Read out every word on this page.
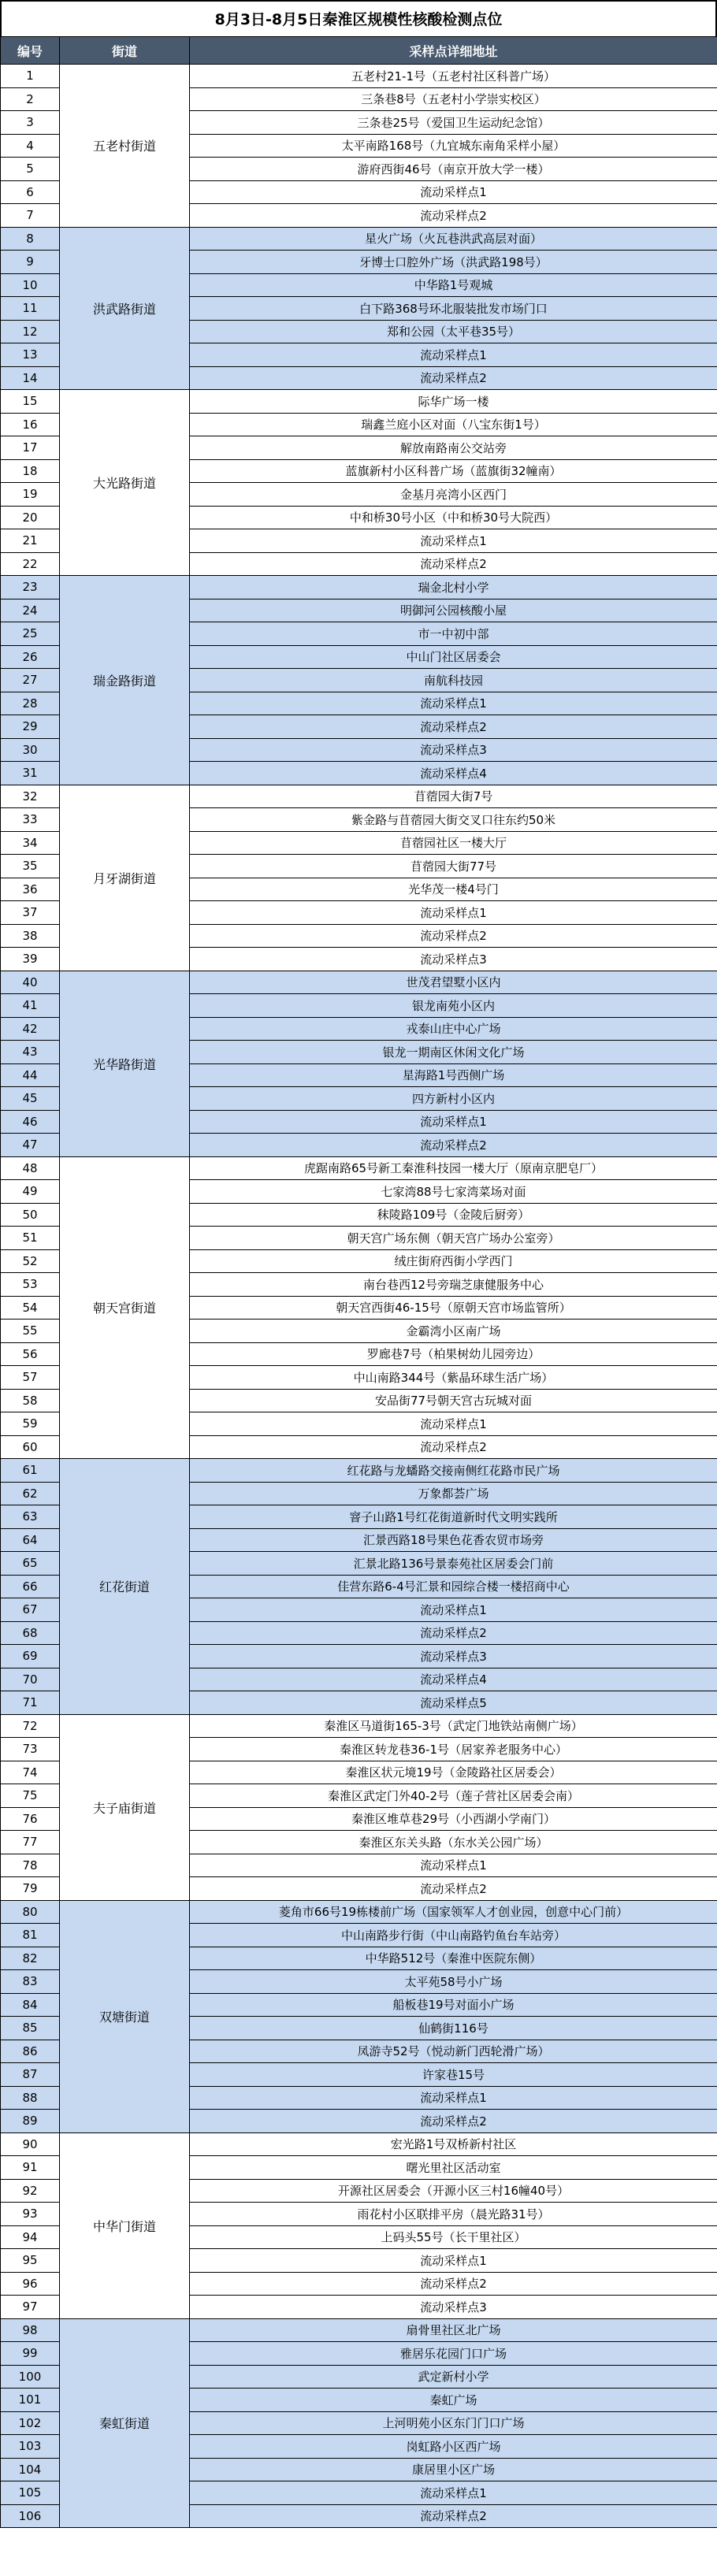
8月3日-8月5日秦淮区规模性核酸检测点位
编号	街道	采样点详细地址
1	五老村街道	五老村21-1号（五老村社区科普广场）
2		三条巷8号（五老村小学崇实校区）
3		三条巷25号（爱国卫生运动纪念馆）
4		太平南路168号（九宜城东南角采样小屋）
5		游府西街46号（南京开放大学一楼）
6		流动采样点1
7		流动采样点2
8	洪武路街道	星火广场（火瓦巷洪武高层对面）
9		牙博士口腔外广场（洪武路198号）
10		中华路1号观城
11		白下路368号环北服装批发市场门口
12		郑和公园（太平巷35号）
13		流动采样点1
14		流动采样点2
15	大光路街道	际华广场一楼
16		瑞鑫兰庭小区对面（八宝东街1号）
17		解放南路南公交站旁
18		蓝旗新村小区科普广场（蓝旗街32幢南）
19		金基月亮湾小区西门
20		中和桥30号小区（中和桥30号大院西）
21		流动采样点1
22		流动采样点2
23	瑞金路街道	瑞金北村小学
24		明御河公园核酸小屋
25		市一中初中部
26		中山门社区居委会
27		南航科技园
28		流动采样点1
29		流动采样点2
30		流动采样点3
31		流动采样点4
32	月牙湖街道	苜蓿园大街7号
33		紫金路与苜蓿园大街交叉口往东约50米
34		苜蓿园社区一楼大厅
35		苜蓿园大街77号
36		光华茂一楼4号门
37		流动采样点1
38		流动采样点2
39		流动采样点3
40	光华路街道	世茂君望墅小区内
41		银龙南苑小区内
42		戎泰山庄中心广场
43		银龙一期南区休闲文化广场
44		星海路1号西侧广场
45		四方新村小区内
46		流动采样点1
47		流动采样点2
48	朝天宫街道	虎踞南路65号新工秦淮科技园一楼大厅（原南京肥皂厂）
49		七家湾88号七家湾菜场对面
50		秣陵路109号（金陵后厨旁）
51		朝天宫广场东侧（朝天宫广场办公室旁）
52		绒庄街府西街小学西门
53		南台巷西12号旁瑞芝康健服务中心
54		朝天宫西街46-15号（原朝天宫市场监管所）
55		金霸湾小区南广场
56		罗廊巷7号（柏果树幼儿园旁边）
57		中山南路344号（紫晶环球生活广场）
58		安品街77号朝天宫古玩城对面
59		流动采样点1
60		流动采样点2
61	红花街道	红花路与龙蟠路交接南侧红花路市民广场
62		万象都荟广场
63		窨子山路1号红花街道新时代文明实践所
64		汇景西路18号果色花香农贸市场旁
65		汇景北路136号景泰苑社区居委会门前
66		佳营东路6-4号汇景和园综合楼一楼招商中心
67		流动采样点1
68		流动采样点2
69		流动采样点3
70		流动采样点4
71		流动采样点5
72	夫子庙街道	秦淮区马道街165-3号（武定门地铁站南侧广场）
73		秦淮区转龙巷36-1号（居家养老服务中心）
74		秦淮区状元境19号（金陵路社区居委会）
75		秦淮区武定门外40-2号（莲子营社区居委会南）
76		秦淮区堆草巷29号（小西湖小学南门）
77		秦淮区东关头路（东水关公园广场）
78		流动采样点1
79		流动采样点2
80	双塘街道	菱角市66号19栋楼前广场（国家领军人才创业园，创意中心门前）
81		中山南路步行街（中山南路钓鱼台车站旁）
82		中华路512号（秦淮中医院东侧）
83		太平苑58号小广场
84		船板巷19号对面小广场
85		仙鹤街116号
86		凤游寺52号（悦动新门西轮滑广场）
87		许家巷15号
88		流动采样点1
89		流动采样点2
90	中华门街道	宏光路1号双桥新村社区
91		曙光里社区活动室
92		开源社区居委会（开源小区三村16幢40号）
93		雨花村小区联排平房（晨光路31号）
94		上码头55号（长干里社区）
95		流动采样点1
96		流动采样点2
97		流动采样点3
98	秦虹街道	扇骨里社区北广场
99		雅居乐花园门口广场
100		武定新村小学
101		秦虹广场
102		上河明苑小区东门门口广场
103		岗虹路小区西广场
104		康居里小区广场
105		流动采样点1
106		流动采样点2
